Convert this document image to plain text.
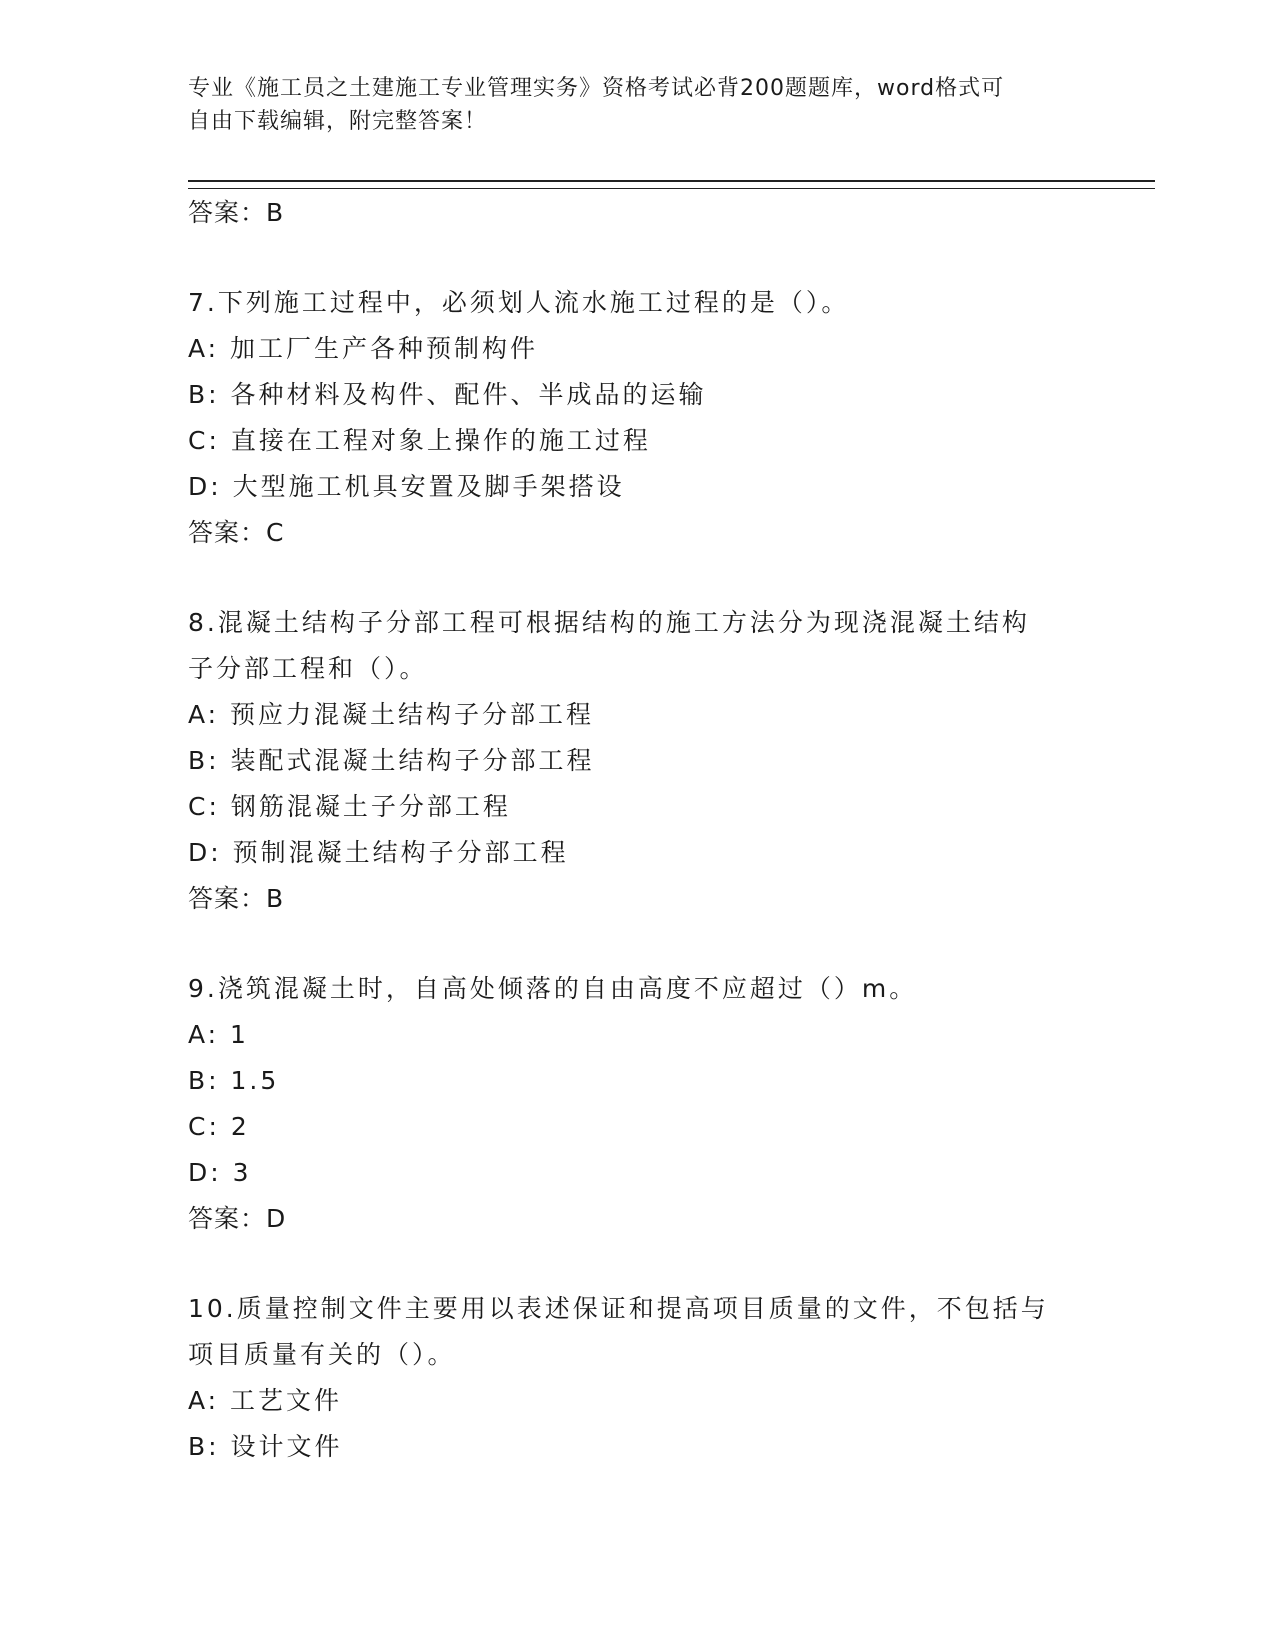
专业《施工员之土建施工专业管理实务》资格考试必背200题题库，word格式可
自由下载编辑，附完整答案！
答案：B
7.下列施工过程中，必须划人流水施工过程的是（）。
A: 加工厂生产各种预制构件
B: 各种材料及构件、配件、半成品的运输
C: 直接在工程对象上操作的施工过程
D: 大型施工机具安置及脚手架搭设
答案：C
8.混凝土结构子分部工程可根据结构的施工方法分为现浇混凝土结构
子分部工程和（）。
A: 预应力混凝土结构子分部工程
B: 装配式混凝土结构子分部工程
C: 钢筋混凝土子分部工程
D: 预制混凝土结构子分部工程
答案：B
9.浇筑混凝土时，自高处倾落的自由高度不应超过（）m。
A: 1
B: 1.5
C: 2
D: 3
答案：D
10.质量控制文件主要用以表述保证和提高项目质量的文件，不包括与
项目质量有关的（）。
A: 工艺文件
B: 设计文件
